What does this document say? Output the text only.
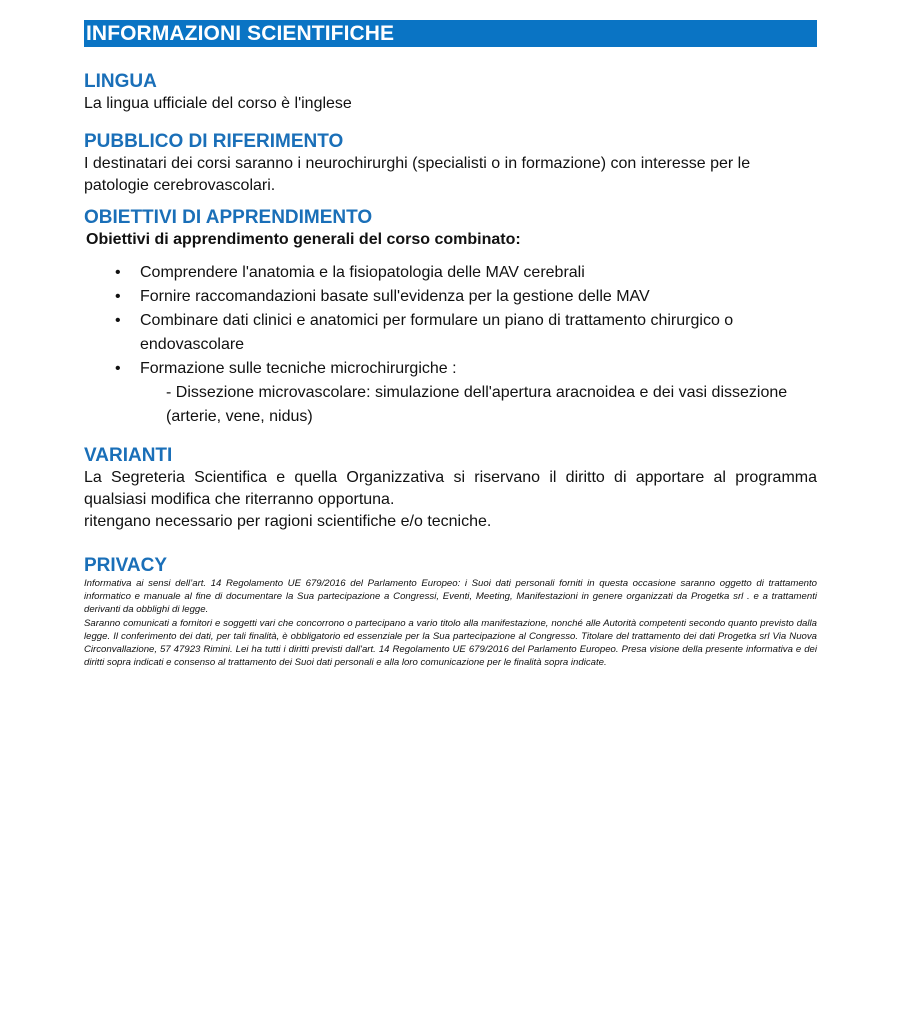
INFORMAZIONI SCIENTIFICHE
LINGUA

La lingua ufficiale del corso è l'inglese

PUBBLICO DI RIFERIMENTO

I destinatari dei corsi saranno i neurochirurghi (specialisti o in formazione) con interesse per le patologie cerebrovascolari.

OBIETTIVI DI APPRENDIMENTO

Obiettivi di apprendimento generali del corso combinato:

• Comprendere l'anatomia e la fisiopatologia delle MAV cerebrali
• Fornire raccomandazioni basate sull'evidenza per la gestione delle MAV
• Combinare dati clinici e anatomici per formulare un piano di trattamento chirurgico o endovascolare
• Formazione sulle tecniche microchirurgiche :

- Dissezione microvascolare: simulazione dell'apertura aracnoidea e dei vasi dissezione (arterie, vene, nidus)

VARIANTI

La Segreteria Scientifica e quella Organizzativa si riservano il diritto di apportare al programma qualsiasi modifica che riterranno opportuna.

ritengano necessario per ragioni scientifiche e/o tecniche.

PRIVACY

Informativa ai sensi dell’art. 14 Regolamento UE 679/2016 del Parlamento Europeo: i Suoi dati personali forniti in questa occasione saranno oggetto di trattamento informatico e manuale al fine di documentare la Sua partecipazione a Congressi, Eventi, Meeting, Manifestazioni in genere organizzati da Progetka srl . e a trattamenti derivanti da obblighi di legge.

Saranno comunicati a fornitori e soggetti vari che concorrono o partecipano a vario titolo alla manifestazione, nonché alle Autorità competenti secondo quanto previsto dalla legge. Il conferimento dei dati, per tali finalità, è obbligatorio ed essenziale per la Sua partecipazione al Congresso. Titolare del trattamento dei dati Progetka srl Via Nuova Circonvallazione, 57 47923 Rimini. Lei ha tutti i diritti previsti dall'art. 14 Regolamento UE 679/2016 del Parlamento Europeo. Presa visione della presente informativa e dei diritti sopra indicati e consenso al trattamento dei Suoi dati personali e alla loro comunicazione per le finalità sopra indicate.
